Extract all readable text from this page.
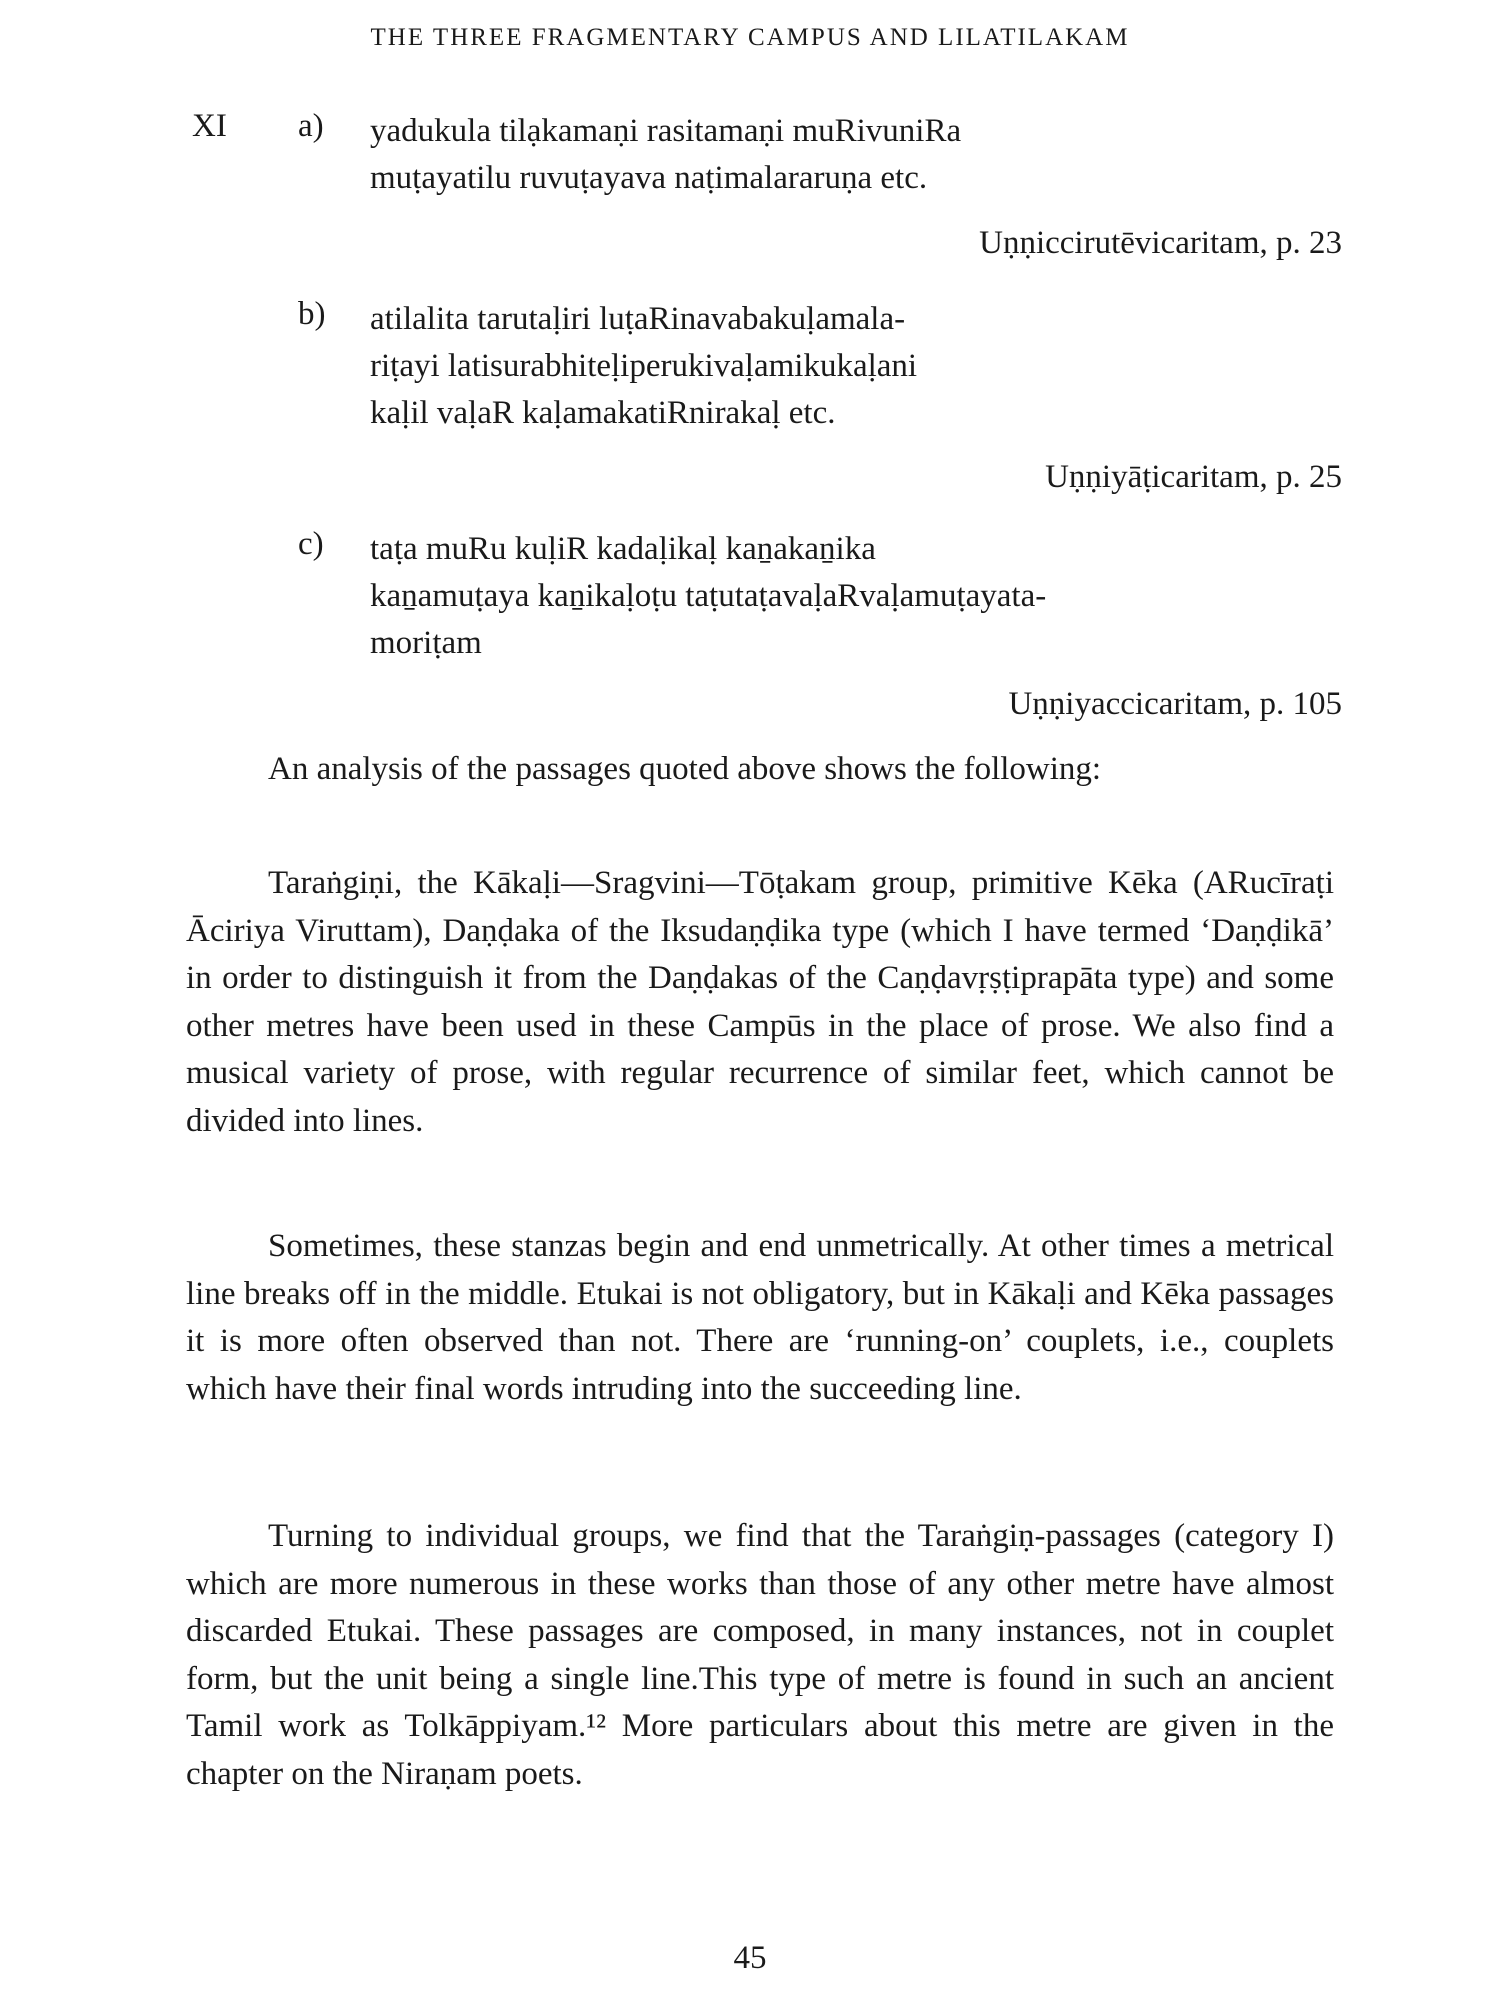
THE THREE FRAGMENTARY CAMPUS AND LILATILAKAM
XI a) yadukula tilạkamaṇi rasitamaṇi muRivuniRa
muṭayatilu ruvuṭayava naṭimalararuṇa etc.
Uṇṇiccirutēvicaritam, p. 23
b) atilalita tarutaḷiri luṭaRinavabakuḷamala-
riṭayi latisurabhiteḷiperukivaḷamikukaḷani
kaḷil vaḷaR kaḷamakatiRnirakaḷ etc.
Uṇṇiyāṭicaritam, p. 25
c) taṭa muRu kuḷiR kadaḷikaḷ kaṉakaṉika
kaṉamuṭaya kaṉikaḷoṭu taṭutaṭavaḷaRvaḷamuṭayata-
moriṭam
Uṇṇiyaccicaritam, p. 105

An analysis of the passages quoted above shows the following:

Taraṅgiṇi, the Kākaḷi—Sragvini—Tōṭakam group, primitive Kēka (ARucīraṭi Āciriya Viruttam), Daṇḍaka of the Iksudaṇḍika type (which I have termed ‘Daṇḍikā’ in order to distinguish it from the Daṇḍakas of the Caṇḍavṛṣṭiprapāta type) and some other metres have been used in these Campūs in the place of prose. We also find a musical variety of prose, with regular recurrence of similar feet, which cannot be divided into lines.

Sometimes, these stanzas begin and end unmetrically. At other times a metrical line breaks off in the middle. Etukai is not obligatory, but in Kākaḷi and Kēka passages it is more often observed than not. There are ‘running-on’ couplets, i.e., couplets which have their final words intruding into the succeeding line.

Turning to individual groups, we find that the Taraṅgiṇ-passages (category I) which are more numerous in these works than those of any other metre have almost discarded Etukai. These passages are composed, in many instances, not in couplet form, but the unit being a single line.This type of metre is found in such an ancient Tamil work as Tolkāppiyam.¹² More particulars about this metre are given in the chapter on the Niraṇam poets.

45
